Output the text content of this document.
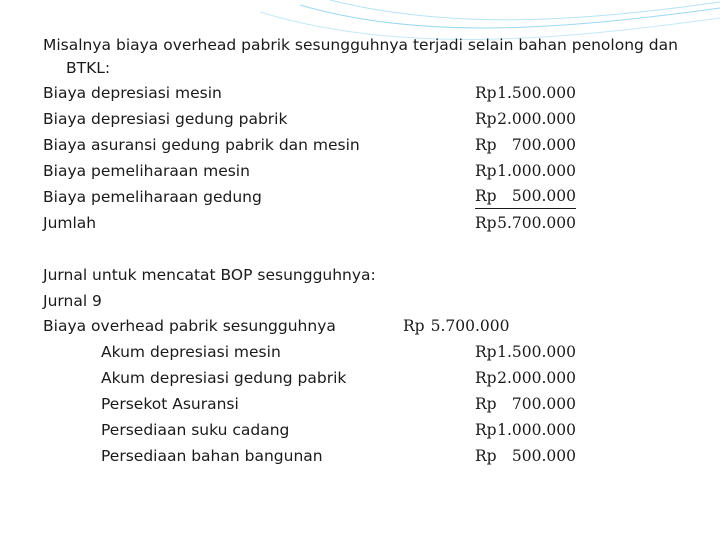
Misalnya biaya overhead pabrik sesungguhnya terjadi selain bahan penolong dan
BTKL:
Biaya depresiasi mesin	Rp 1.500.000
Biaya depresiasi gedung pabrik	Rp 2.000.000
Biaya asuransi gedung pabrik dan mesin	Rp 700.000
Biaya pemeliharaan mesin	Rp 1.000.000
Biaya pemeliharaan gedung	Rp 500.000
Jumlah	Rp 5.700.000
Jurnal untuk mencatat BOP sesungguhnya:
Jurnal 9
Biaya overhead pabrik sesungguhnya	Rp 5.700.000
Akum depresiasi mesin	Rp 1.500.000
Akum depresiasi gedung pabrik	Rp 2.000.000
Persekot Asuransi	Rp 700.000
Persediaan suku cadang	Rp 1.000.000
Persediaan bahan bangunan	Rp 500.000
